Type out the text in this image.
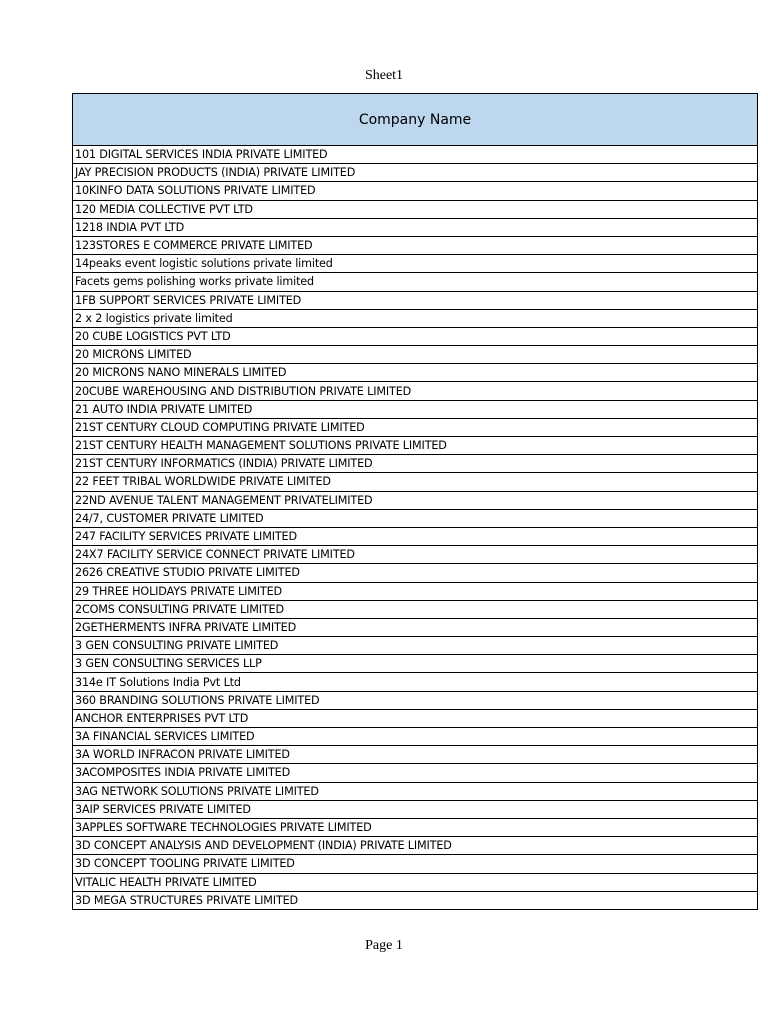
Sheet1
Company Name
101 DIGITAL SERVICES INDIA PRIVATE LIMITED
JAY PRECISION PRODUCTS (INDIA) PRIVATE LIMITED
10KINFO DATA SOLUTIONS PRIVATE LIMITED
120 MEDIA COLLECTIVE PVT LTD
1218 INDIA PVT LTD
123STORES E COMMERCE PRIVATE LIMITED
14peaks event logistic solutions private limited
Facets gems polishing works private limited
1FB SUPPORT SERVICES PRIVATE LIMITED
2 x 2 logistics private limited
20 CUBE LOGISTICS PVT LTD
20 MICRONS LIMITED
20 MICRONS NANO MINERALS LIMITED
20CUBE WAREHOUSING AND DISTRIBUTION PRIVATE LIMITED
21 AUTO INDIA PRIVATE LIMITED
21ST CENTURY CLOUD COMPUTING PRIVATE LIMITED
21ST CENTURY HEALTH MANAGEMENT SOLUTIONS PRIVATE LIMITED
21ST CENTURY INFORMATICS (INDIA) PRIVATE LIMITED
22 FEET TRIBAL WORLDWIDE PRIVATE LIMITED
22ND AVENUE TALENT MANAGEMENT PRIVATELIMITED
24/7, CUSTOMER PRIVATE LIMITED
247 FACILITY SERVICES PRIVATE LIMITED
24X7 FACILITY SERVICE CONNECT PRIVATE LIMITED
2626 CREATIVE STUDIO PRIVATE LIMITED
29 THREE HOLIDAYS PRIVATE LIMITED
2COMS CONSULTING PRIVATE LIMITED
2GETHERMENTS INFRA PRIVATE LIMITED
3 GEN CONSULTING PRIVATE LIMITED
3 GEN CONSULTING SERVICES LLP
314e IT Solutions India Pvt Ltd
360 BRANDING SOLUTIONS PRIVATE LIMITED
ANCHOR ENTERPRISES PVT LTD
3A FINANCIAL SERVICES LIMITED
3A WORLD INFRACON PRIVATE LIMITED
3ACOMPOSITES INDIA PRIVATE LIMITED
3AG NETWORK SOLUTIONS PRIVATE LIMITED
3AIP SERVICES PRIVATE LIMITED
3APPLES SOFTWARE TECHNOLOGIES PRIVATE LIMITED
3D CONCEPT ANALYSIS AND DEVELOPMENT (INDIA) PRIVATE LIMITED
3D CONCEPT TOOLING PRIVATE LIMITED
VITALIC HEALTH PRIVATE LIMITED
3D MEGA STRUCTURES PRIVATE LIMITED
Page 1
